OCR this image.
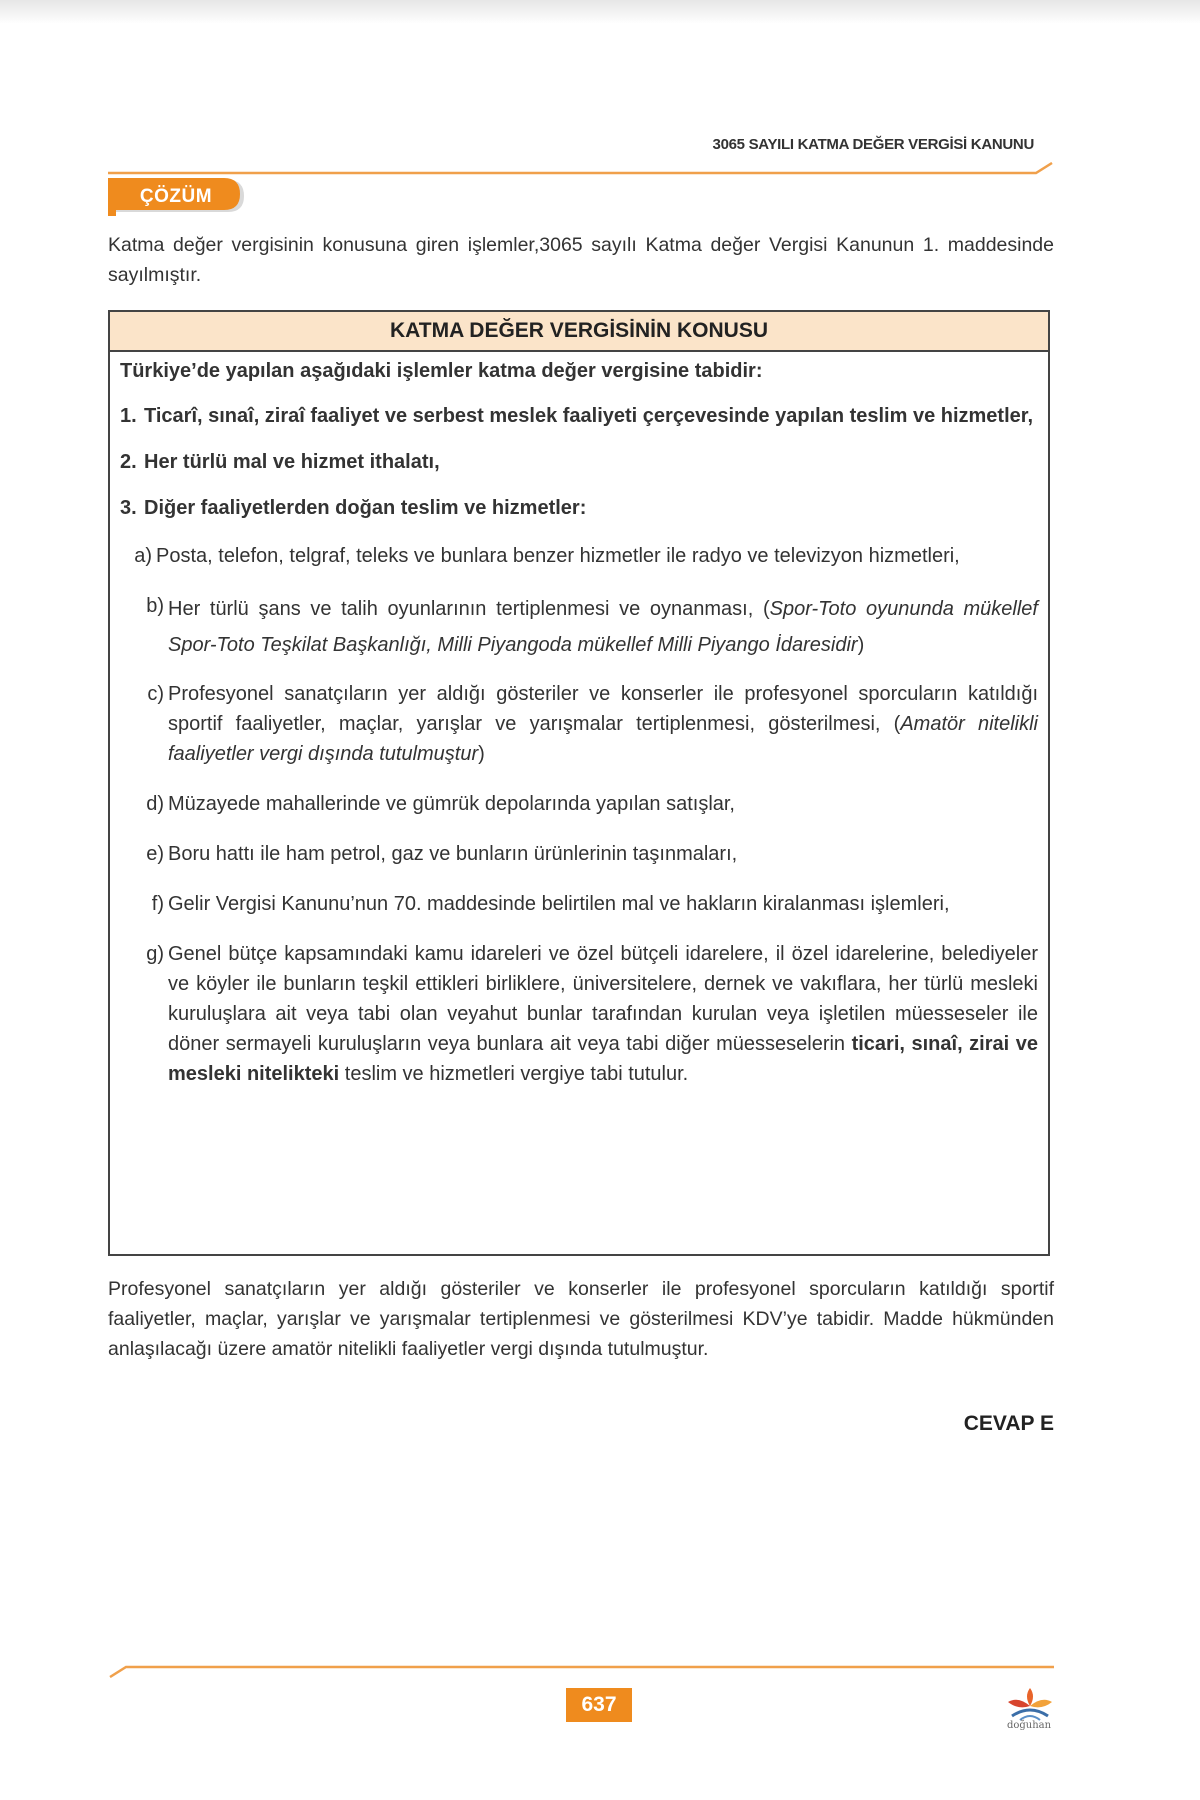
3065 SAYILI KATMA DEĞER VERGİSİ KANUNU
ÇÖZÜM
Katma değer vergisinin konusuna giren işlemler,3065 sayılı Katma değer Vergisi Kanunun 1. maddesinde sayılmıştır.
KATMA DEĞER VERGİSİNİN KONUSU

Türkiye’de yapılan aşağıdaki işlemler katma değer vergisine tabidir:

1. Ticarî, sınaî, ziraî faaliyet ve serbest meslek faaliyeti çerçevesinde yapılan teslim ve hizmetler,
2. Her türlü mal ve hizmet ithalatı,
3. Diğer faaliyetlerden doğan teslim ve hizmetler:
a) Posta, telefon, telgraf, teleks ve bunlara benzer hizmetler ile radyo ve televizyon hizmetleri,
b) Her türlü şans ve talih oyunlarının tertiplenmesi ve oynanması, (Spor-Toto oyununda mükellef Spor-Toto Teşkilat Başkanlığı, Milli Piyangoda mükellef Milli Piyango İdaresidir)
c) Profesyonel sanatçıların yer aldığı gösteriler ve konserler ile profesyonel sporcuların katıldığı sportif faaliyetler, maçlar, yarışlar ve yarışmalar tertiplenmesi, gösterilmesi, (Amatör nitelikli faaliyetler vergi dışında tutulmuştur)
d) Müzayede mahallerinde ve gümrük depolarında yapılan satışlar,
e) Boru hattı ile ham petrol, gaz ve bunların ürünlerinin taşınmaları,
f) Gelir Vergisi Kanunu’nun 70. maddesinde belirtilen mal ve hakların kiralanması işlemleri,
g) Genel bütçe kapsamındaki kamu idareleri ve özel bütçeli idarelere, il özel idarelerine, belediyeler ve köyler ile bunların teşkil ettikleri birliklere, üniversitelere, dernek ve vakıflara, her türlü mesleki kuruluşlara ait veya tabi olan veyahut bunlar tarafından kurulan veya işletilen müesseseler ile döner sermayeli kuruluşların veya bunlara ait veya tabi diğer müesseselerin ticari, sınaî, zirai ve mesleki nitelikteki teslim ve hizmetleri vergiye tabi tutulur.
Profesyonel sanatçıların yer aldığı gösteriler ve konserler ile profesyonel sporcuların katıldığı sportif faaliyetler, maçlar, yarışlar ve yarışmalar tertiplenmesi ve gösterilmesi KDV’ye tabidir. Madde hükmünden anlaşılacağı üzere amatör nitelikli faaliyetler vergi dışında tutulmuştur.
CEVAP E
637
doğuhan
